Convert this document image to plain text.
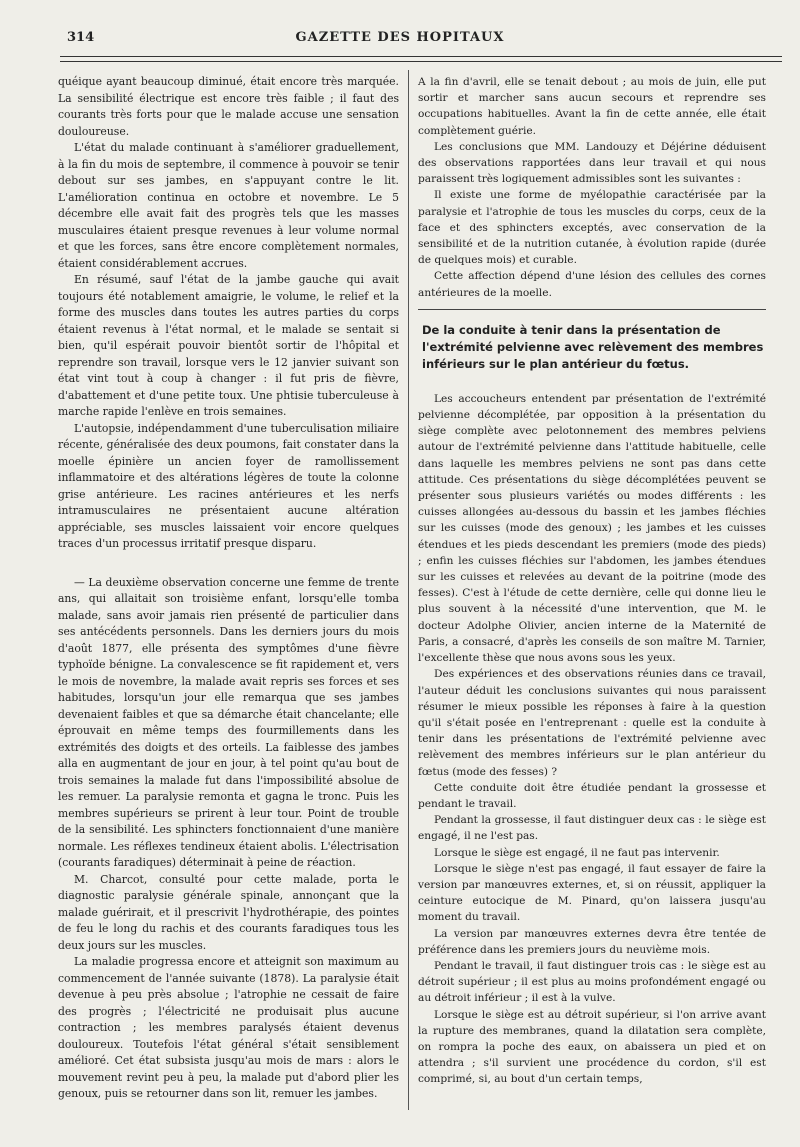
314	GAZETTE DES HOPITAUX

quéique ayant beaucoup diminué, était encore très marquée. La sensibilité électrique est encore très faible ; il faut des courants très forts pour que le malade accuse une sensation douloureuse.

L'état du malade continuant à s'améliorer graduellement, à la fin du mois de septembre, il commence à pouvoir se tenir debout sur ses jambes, en s'appuyant contre le lit. L'amélioration continua en octobre et novembre. Le 5 décembre elle avait fait des progrès tels que les masses musculaires étaient presque revenues à leur volume normal et que les forces, sans être encore complètement normales, étaient considérablement accrues.

En résumé, sauf l'état de la jambe gauche qui avait toujours été notablement amaigrie, le volume, le relief et la forme des muscles dans toutes les autres parties du corps étaient revenus à l'état normal, et le malade se sentait si bien, qu'il espérait pouvoir bientôt sortir de l'hôpital et reprendre son travail, lorsque vers le 12 janvier suivant son état vint tout à coup à changer : il fut pris de fièvre, d'abattement et d'une petite toux. Une phtisie tuberculeuse à marche rapide l'enlève en trois semaines.

L'autopsie, indépendamment d'une tuberculisation miliaire récente, généralisée des deux poumons, fait constater dans la moelle épinière un ancien foyer de ramollissement inflammatoire et des altérations légères de toute la colonne grise antérieure. Les racines antérieures et les nerfs intramusculaires ne présentaient aucune altération appréciable, ses muscles laissaient voir encore quelques traces d'un processus irritatif presque disparu.

— La deuxième observation concerne une femme de trente ans, qui allaitait son troisième enfant, lorsqu'elle tomba malade, sans avoir jamais rien présenté de particulier dans ses antécédents personnels. Dans les derniers jours du mois d'août 1877, elle présenta des symptômes d'une fièvre typhoïde bénigne. La convalescence se fit rapidement et, vers le mois de novembre, la malade avait repris ses forces et ses habitudes, lorsqu'un jour elle remarqua que ses jambes devenaient faibles et que sa démarche était chancelante; elle éprouvait en même temps des fourmillements dans les extrémités des doigts et des orteils. La faiblesse des jambes alla en augmentant de jour en jour, à tel point qu'au bout de trois semaines la malade fut dans l'impossibilité absolue de les remuer. La paralysie remonta et gagna le tronc. Puis les membres supérieurs se prirent à leur tour. Point de trouble de la sensibilité. Les sphincters fonctionnaient d'une manière normale. Les réflexes tendineux étaient abolis. L'électrisation (courants faradiques) déterminait à peine de réaction.

M. Charcot, consulté pour cette malade, porta le diagnostic paralysie générale spinale, annonçant que la malade guérirait, et il prescrivit l'hydrothérapie, des pointes de feu le long du rachis et des courants faradiques tous les deux jours sur les muscles.

La maladie progressa encore et atteignit son maximum au commencement de l'année suivante (1878). La paralysie était devenue à peu près absolue ; l'atrophie ne cessait de faire des progrès ; l'électricité ne produisait plus aucune contraction ; les membres paralysés étaient devenus douloureux. Toutefois l'état général s'était sensiblement amélioré. Cet état subsista jusqu'au mois de mars : alors le mouvement revint peu à peu, la malade put d'abord plier les genoux, puis se retourner dans son lit, remuer les jambes.

A la fin d'avril, elle se tenait debout ; au mois de juin, elle put sortir et marcher sans aucun secours et reprendre ses occupations habituelles. Avant la fin de cette année, elle était complètement guérie.

Les conclusions que MM. Landouzy et Déjérine déduisent des observations rapportées dans leur travail et qui nous paraissent très logiquement admissibles sont les suivantes :

Il existe une forme de myélopathie caractérisée par la paralysie et l'atrophie de tous les muscles du corps, ceux de la face et des sphincters exceptés, avec conservation de la sensibilité et de la nutrition cutanée, à évolution rapide (durée de quelques mois) et curable.

Cette affection dépend d'une lésion des cellules des cornes antérieures de la moelle.

De la conduite à tenir dans la présentation de l'extrémité pelvienne avec relèvement des membres inférieurs sur le plan antérieur du fœtus.

Les accoucheurs entendent par présentation de l'extrémité pelvienne décomplétée, par opposition à la présentation du siège complète avec pelotonnement des membres pelviens autour de l'extrémité pelvienne dans l'attitude habituelle, celle dans laquelle les membres pelviens ne sont pas dans cette attitude. Ces présentations du siège décomplétées peuvent se présenter sous plusieurs variétés ou modes différents : les cuisses allongées au-dessous du bassin et les jambes fléchies sur les cuisses (mode des genoux) ; les jambes et les cuisses étendues et les pieds descendant les premiers (mode des pieds) ; enfin les cuisses fléchies sur l'abdomen, les jambes étendues sur les cuisses et relevées au devant de la poitrine (mode des fesses). C'est à l'étude de cette dernière, celle qui donne lieu le plus souvent à la nécessité d'une intervention, que M. le docteur Adolphe Olivier, ancien interne de la Maternité de Paris, a consacré, d'après les conseils de son maître M. Tarnier, l'excellente thèse que nous avons sous les yeux.

Des expériences et des observations réunies dans ce travail, l'auteur déduit les conclusions suivantes qui nous paraissent résumer le mieux possible les réponses à faire à la question qu'il s'était posée en l'entreprenant : quelle est la conduite à tenir dans les présentations de l'extrémité pelvienne avec relèvement des membres inférieurs sur le plan antérieur du fœtus (mode des fesses) ?

Cette conduite doit être étudiée pendant la grossesse et pendant le travail.

Pendant la grossesse, il faut distinguer deux cas : le siège est engagé, il ne l'est pas.

Lorsque le siège est engagé, il ne faut pas intervenir.

Lorsque le siège n'est pas engagé, il faut essayer de faire la version par manœuvres externes, et, si on réussit, appliquer la ceinture eutocique de M. Pinard, qu'on laissera jusqu'au moment du travail.

La version par manœuvres externes devra être tentée de préférence dans les premiers jours du neuvième mois.

Pendant le travail, il faut distinguer trois cas : le siège est au détroit supérieur ; il est plus au moins profondément engagé ou au détroit inférieur ; il est à la vulve.

Lorsque le siège est au détroit supérieur, si l'on arrive avant la rupture des membranes, quand la dilatation sera complète, on rompra la poche des eaux, on abaissera un pied et on attendra ; s'il survient une procédence du cordon, s'il est comprimé, si, au bout d'un certain temps,
